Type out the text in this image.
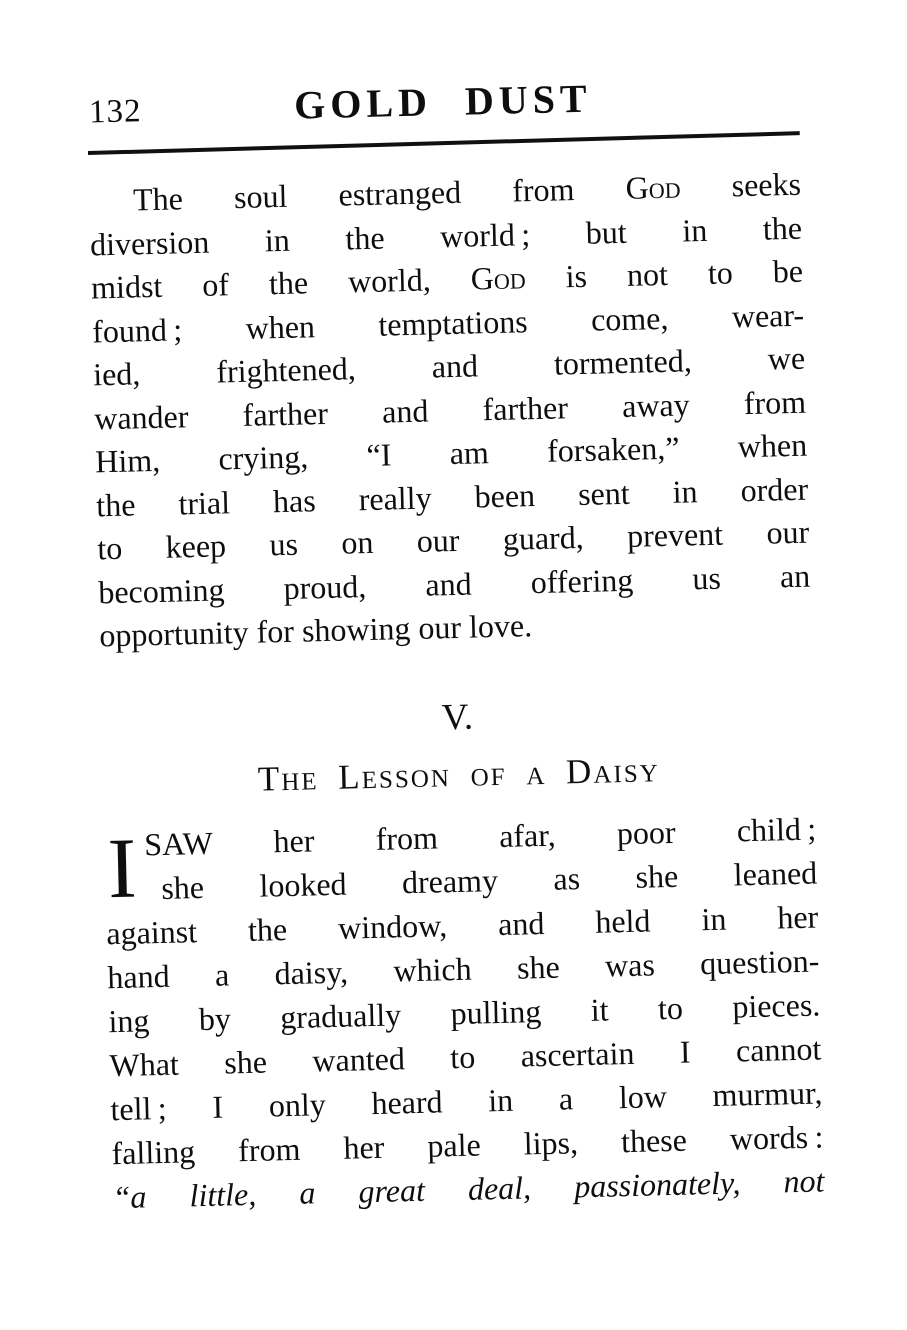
132	GOLD DUST
The soul estranged from God seeks
diversion in the world ; but in the
midst of the world, God is not to be
found ; when temptations come, wear-
ied, frightened, and tormented, we
wander farther and farther away from
Him, crying, “I am forsaken,” when
the trial has really been sent in order
to keep us on our guard, prevent our
becoming proud, and offering us an
opportunity for showing our love.
V.
The Lesson of a Daisy
I SAW her from afar, poor child ;
she looked dreamy as she leaned
against the window, and held in her
hand a daisy, which she was question-
ing by gradually pulling it to pieces.
What she wanted to ascertain I cannot
tell ; I only heard in a low murmur,
falling from her pale lips, these words :
“a little, a great deal, passionately, not
